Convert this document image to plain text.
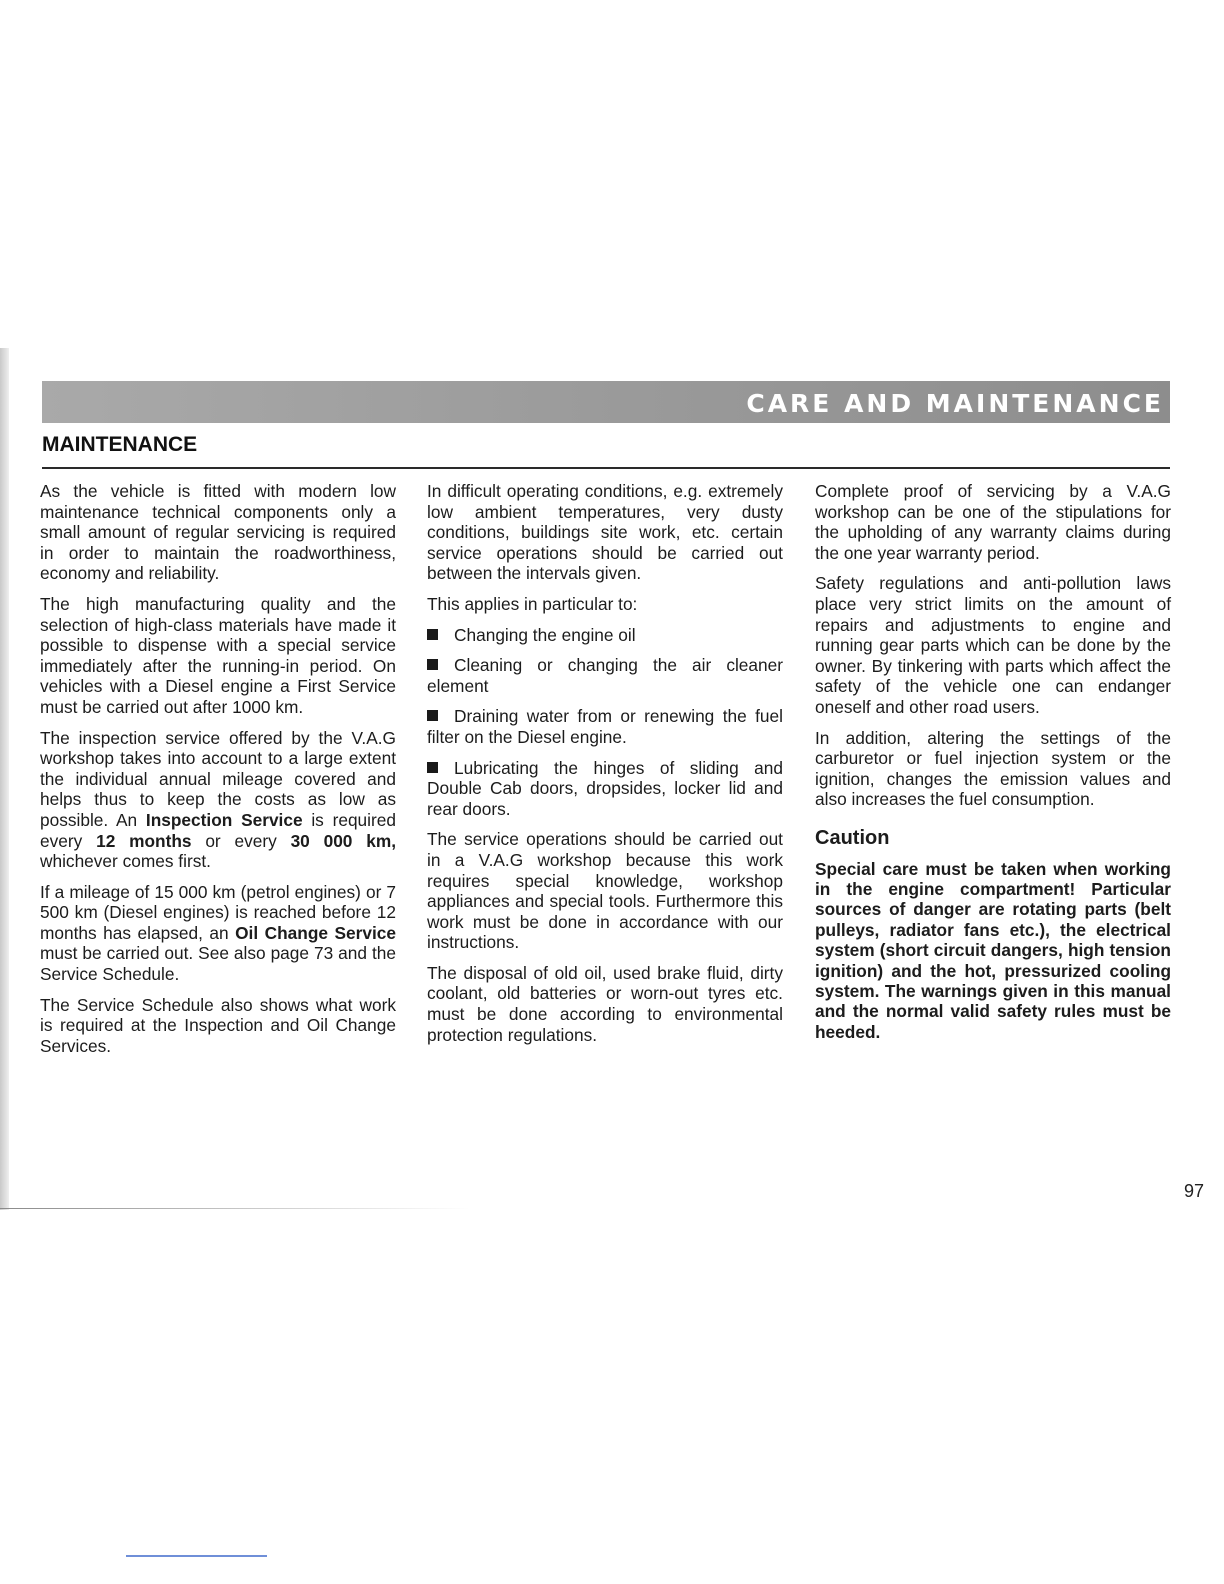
CARE AND MAINTENANCE
MAINTENANCE

As the vehicle is fitted with modern low maintenance technical components only a small amount of regular servicing is required in order to maintain the roadworthiness, economy and reliability.

The high manufacturing quality and the selection of high-class materials have made it possible to dispense with a special service immediately after the running-in period. On vehicles with a Diesel engine a First Service must be carried out after 1000 km.

The inspection service offered by the V.A.G workshop takes into account to a large extent the individual annual mileage covered and helps thus to keep the costs as low as possible. An Inspection Service is required every 12 months or every 30 000 km, whichever comes first.

If a mileage of 15 000 km (petrol engines) or 7 500 km (Diesel engines) is reached before 12 months has elapsed, an Oil Change Service must be carried out. See also page 73 and the Service Schedule.

The Service Schedule also shows what work is required at the Inspection and Oil Change Services.

In difficult operating conditions, e.g. extremely low ambient temperatures, very dusty conditions, buildings site work, etc. certain service operations should be carried out between the intervals given.

This applies in particular to:

Changing the engine oil
Cleaning or changing the air cleaner element
Draining water from or renewing the fuel filter on the Diesel engine.
Lubricating the hinges of sliding and Double Cab doors, dropsides, locker lid and rear doors.

The service operations should be carried out in a V.A.G workshop because this work requires special knowledge, workshop appliances and special tools. Furthermore this work must be done in accordance with our instructions.

The disposal of old oil, used brake fluid, dirty coolant, old batteries or worn-out tyres etc. must be done according to environmental protection regulations.

Complete proof of servicing by a V.A.G workshop can be one of the stipulations for the upholding of any warranty claims during the one year warranty period.

Safety regulations and anti-pollution laws place very strict limits on the amount of repairs and adjustments to engine and running gear parts which can be done by the owner. By tinkering with parts which affect the safety of the vehicle one can endanger oneself and other road users.

In addition, altering the settings of the carburetor or fuel injection system or the ignition, changes the emission values and also increases the fuel consumption.

Caution

Special care must be taken when working in the engine compartment! Particular sources of danger are rotating parts (belt pulleys, radiator fans etc.), the electrical system (short circuit dangers, high tension ignition) and the hot, pressurized cooling system. The warnings given in this manual and the normal valid safety rules must be heeded.

97
